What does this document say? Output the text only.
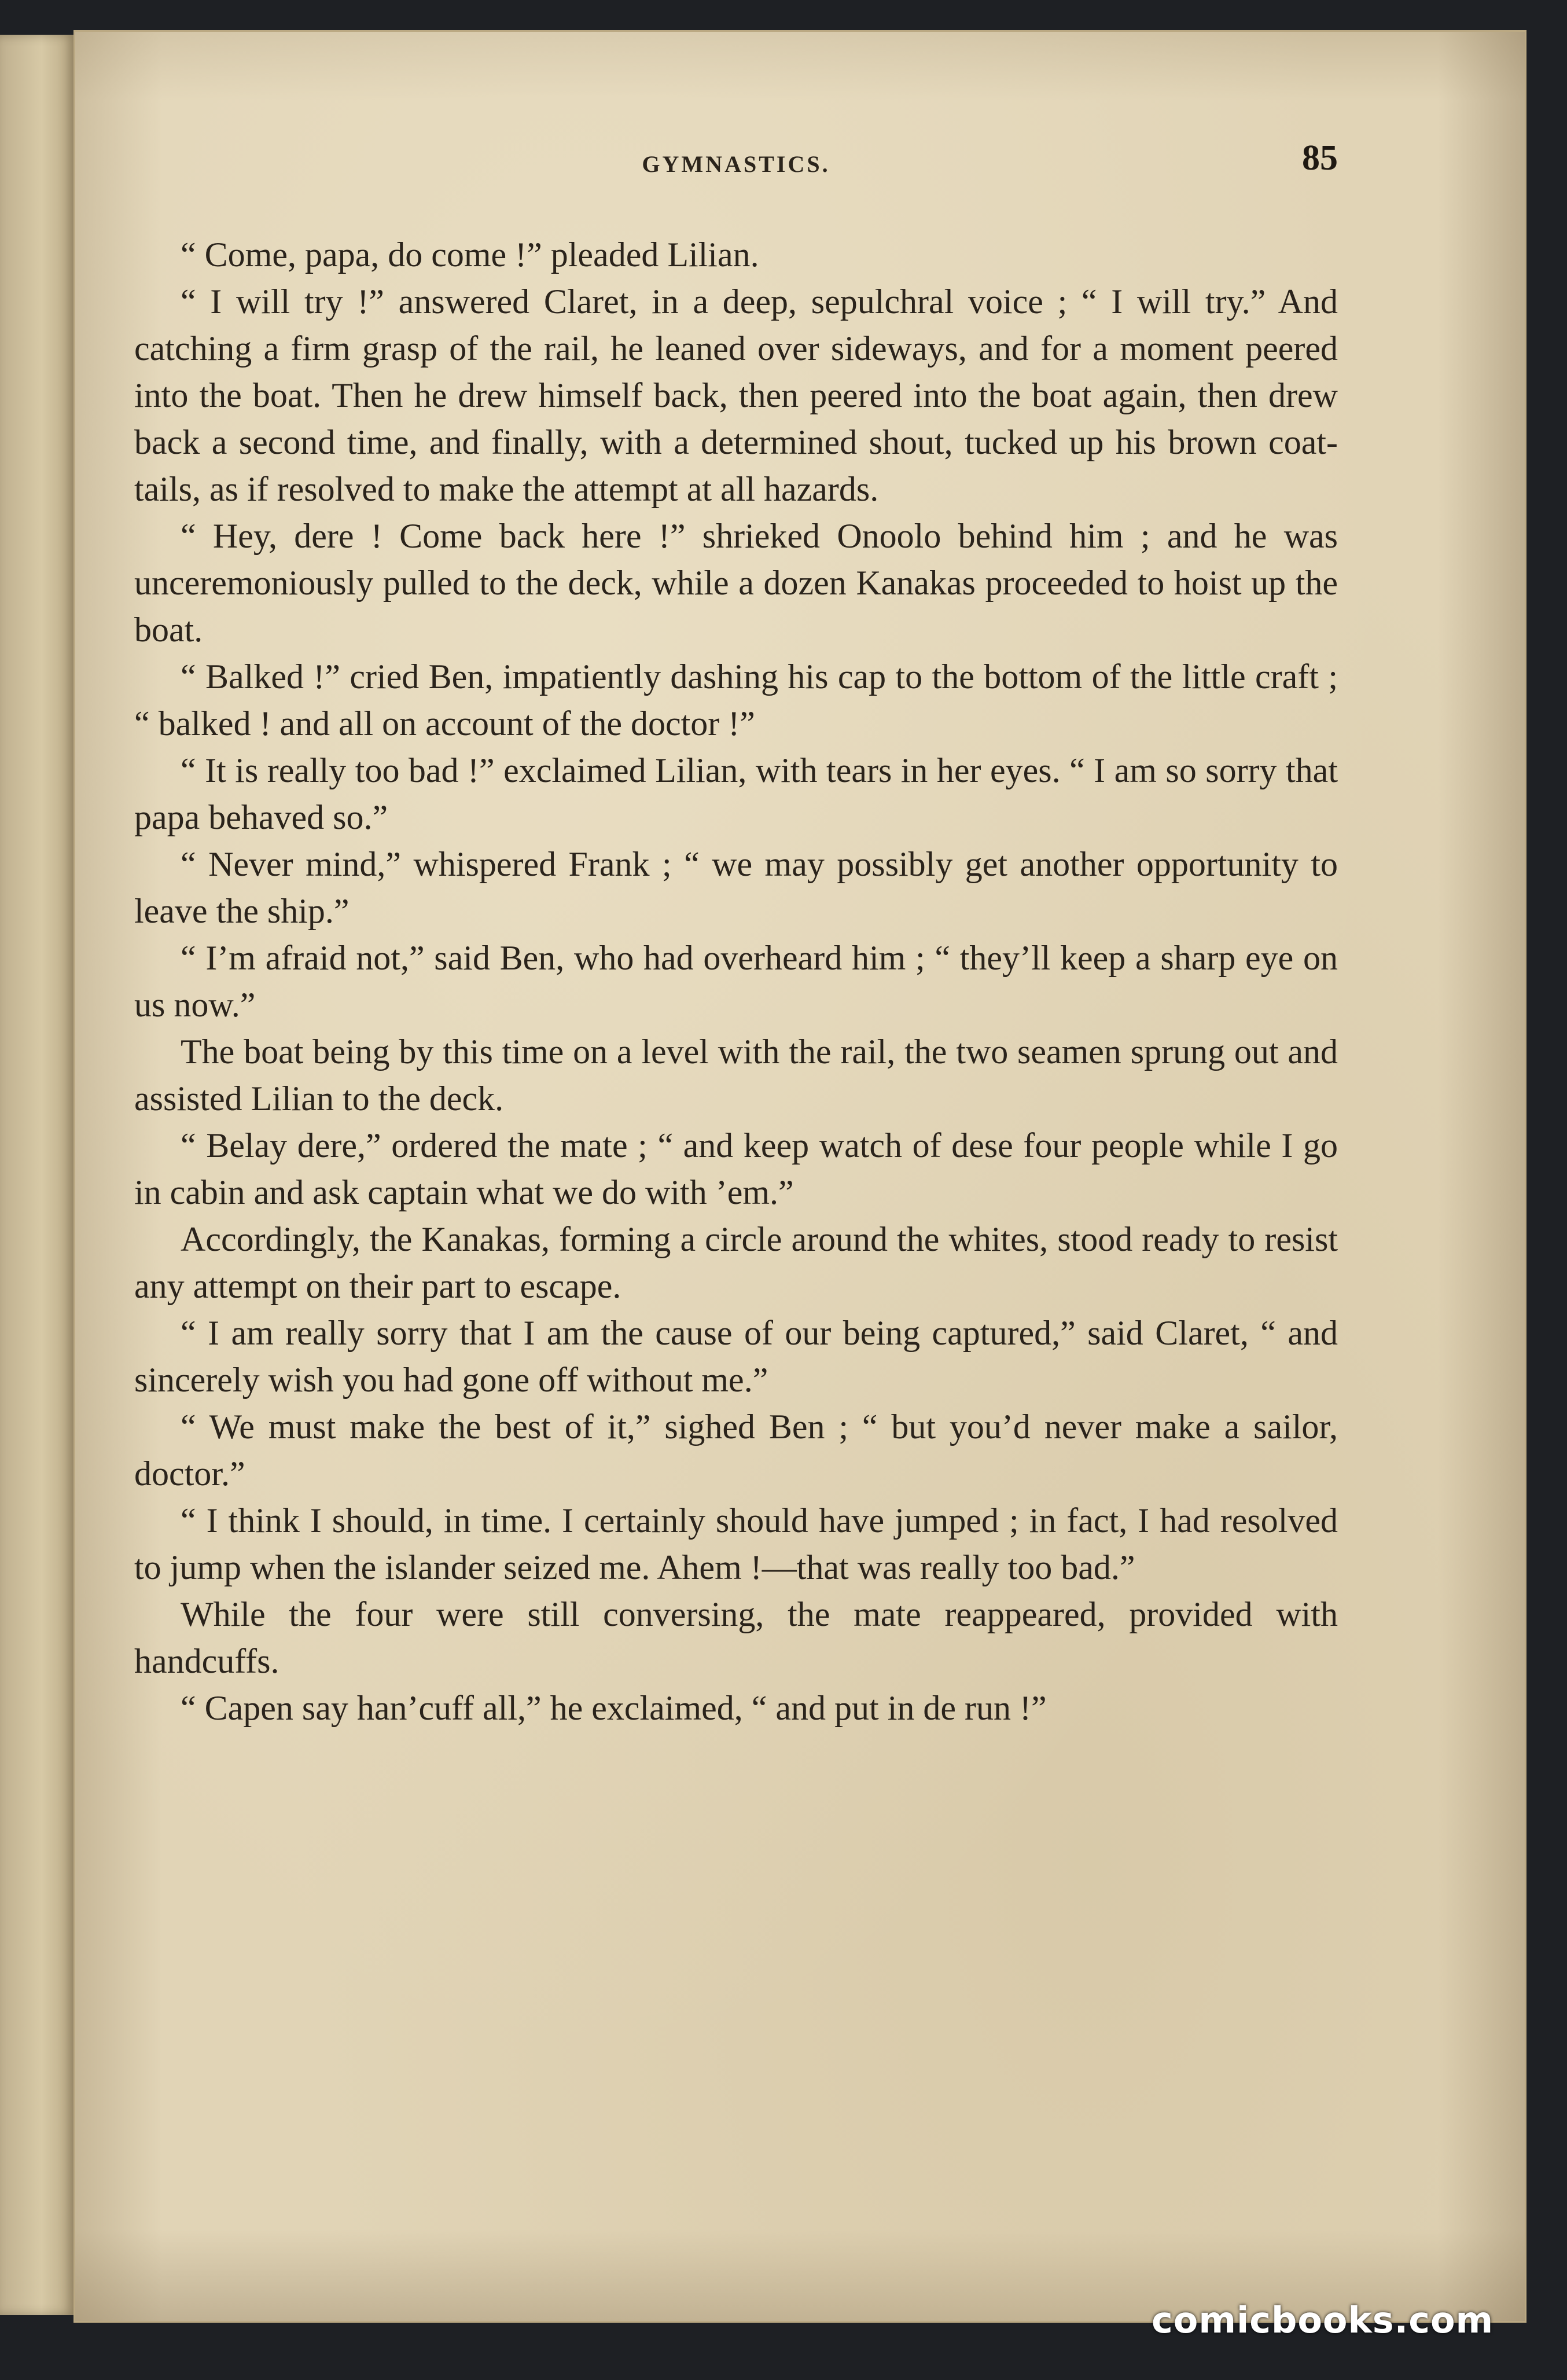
GYMNASTICS.	85

“ Come, papa, do come !” pleaded Lilian.

“ I will try !” answered Claret, in a deep, sepulchral voice ; “ I will try.” And catching a firm grasp of the rail, he leaned over sideways, and for a moment peered into the boat. Then he drew himself back, then peered into the boat again, then drew back a second time, and finally, with a determined shout, tucked up his brown coat-tails, as if resolved to make the attempt at all hazards.

“ Hey, dere ! Come back here !” shrieked Onoolo behind him ; and he was unceremoniously pulled to the deck, while a dozen Kanakas proceeded to hoist up the boat.

“ Balked !” cried Ben, impatiently dashing his cap to the bottom of the little craft ; “ balked ! and all on account of the doctor !”

“ It is really too bad !” exclaimed Lilian, with tears in her eyes. “ I am so sorry that papa behaved so.”

“ Never mind,” whispered Frank ; “ we may possibly get another opportunity to leave the ship.”

“ I’m afraid not,” said Ben, who had overheard him ; “ they’ll keep a sharp eye on us now.”

The boat being by this time on a level with the rail, the two seamen sprung out and assisted Lilian to the deck.

“ Belay dere,” ordered the mate ; “ and keep watch of dese four people while I go in cabin and ask captain what we do with ’em.”

Accordingly, the Kanakas, forming a circle around the whites, stood ready to resist any attempt on their part to escape.

“ I am really sorry that I am the cause of our being captured,” said Claret, “ and sincerely wish you had gone off without me.”

“ We must make the best of it,” sighed Ben ; “ but you’d never make a sailor, doctor.”

“ I think I should, in time. I certainly should have jumped ; in fact, I had resolved to jump when the islander seized me. Ahem !—that was really too bad.”

While the four were still conversing, the mate reappeared, provided with handcuffs.

“ Capen say han’cuff all,” he exclaimed, “ and put in de run !”

comicbooks.com
